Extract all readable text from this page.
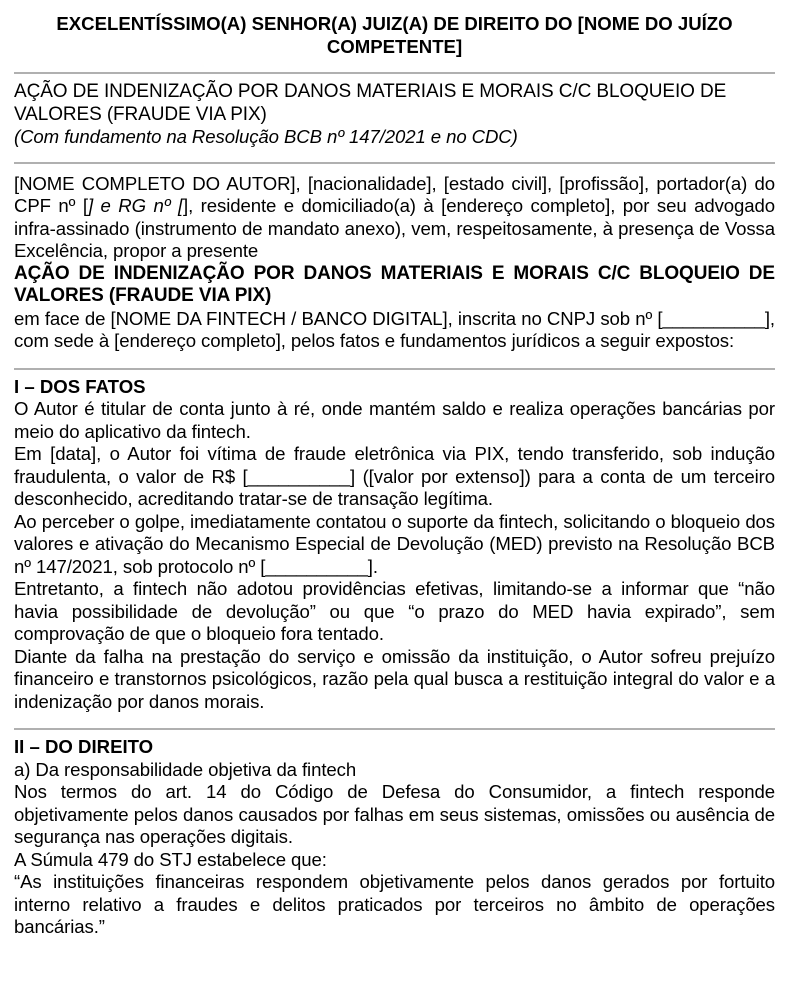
EXCELENTÍSSIMO(A) SENHOR(A) JUIZ(A) DE DIREITO DO [NOME DO JUÍZO COMPETENTE]

AÇÃO DE INDENIZAÇÃO POR DANOS MATERIAIS E MORAIS C/C BLOQUEIO DE VALORES (FRAUDE VIA PIX)

(Com fundamento na Resolução BCB nº 147/2021 e no CDC)

[NOME COMPLETO DO AUTOR], [nacionalidade], [estado civil], [profissão], portador(a) do CPF nº [] e RG nº [], residente e domiciliado(a) à [endereço completo], por seu advogado infra-assinado (instrumento de mandato anexo), vem, respeitosamente, à presença de Vossa Excelência, propor a presente

AÇÃO DE INDENIZAÇÃO POR DANOS MATERIAIS E MORAIS C/C BLOQUEIO DE VALORES (FRAUDE VIA PIX)

em face de [NOME DA FINTECH / BANCO DIGITAL], inscrita no CNPJ sob nº [__________], com sede à [endereço completo], pelos fatos e fundamentos jurídicos a seguir expostos:

I – DOS FATOS

O Autor é titular de conta junto à ré, onde mantém saldo e realiza operações bancárias por meio do aplicativo da fintech.

Em [data], o Autor foi vítima de fraude eletrônica via PIX, tendo transferido, sob indução fraudulenta, o valor de R$ [__________] ([valor por extenso]) para a conta de um terceiro desconhecido, acreditando tratar-se de transação legítima.

Ao perceber o golpe, imediatamente contatou o suporte da fintech, solicitando o bloqueio dos valores e ativação do Mecanismo Especial de Devolução (MED) previsto na Resolução BCB nº 147/2021, sob protocolo nº [__________].

Entretanto, a fintech não adotou providências efetivas, limitando-se a informar que “não havia possibilidade de devolução” ou que “o prazo do MED havia expirado”, sem comprovação de que o bloqueio fora tentado.

Diante da falha na prestação do serviço e omissão da instituição, o Autor sofreu prejuízo financeiro e transtornos psicológicos, razão pela qual busca a restituição integral do valor e a indenização por danos morais.

II – DO DIREITO

a) Da responsabilidade objetiva da fintech

Nos termos do art. 14 do Código de Defesa do Consumidor, a fintech responde objetivamente pelos danos causados por falhas em seus sistemas, omissões ou ausência de segurança nas operações digitais.

A Súmula 479 do STJ estabelece que:

“As instituições financeiras respondem objetivamente pelos danos gerados por fortuito interno relativo a fraudes e delitos praticados por terceiros no âmbito de operações bancárias.”
